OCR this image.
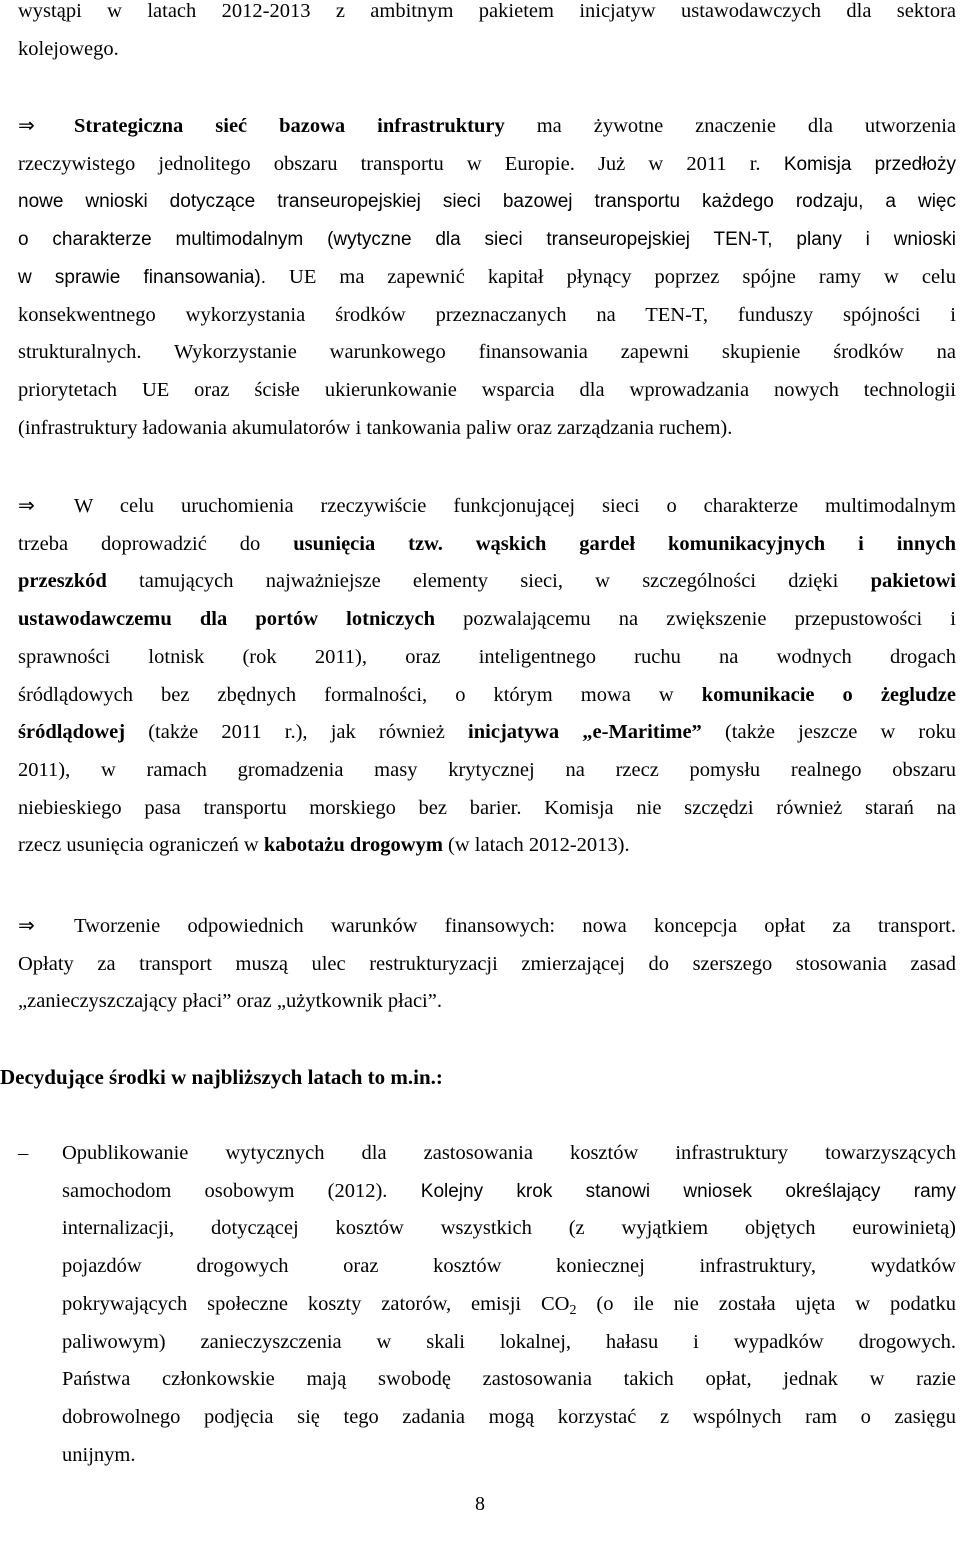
wystąpi w latach 2012-2013 z ambitnym pakietem inicjatyw ustawodawczych dla sektora
kolejowego.
⇒ Strategiczna sieć bazowa infrastruktury ma żywotne znaczenie dla utworzenia
rzeczywistego jednolitego obszaru transportu w Europie. Już w 2011 r. Komisja przedłoży
nowe wnioski dotyczące transeuropejskiej sieci bazowej transportu każdego rodzaju, a więc
o charakterze multimodalnym (wytyczne dla sieci transeuropejskiej TEN-T, plany i wnioski
w sprawie finansowania). UE ma zapewnić kapitał płynący poprzez spójne ramy w celu
konsekwentnego wykorzystania środków przeznaczanych na TEN-T, funduszy spójności i
strukturalnych. Wykorzystanie warunkowego finansowania zapewni skupienie środków na
priorytetach UE oraz ścisłe ukierunkowanie wsparcia dla wprowadzania nowych technologii
(infrastruktury ładowania akumulatorów i tankowania paliw oraz zarządzania ruchem).
⇒ W celu uruchomienia rzeczywiście funkcjonującej sieci o charakterze multimodalnym
trzeba doprowadzić do usunięcia tzw. wąskich gardeł komunikacyjnych i innych
przeszkód tamujących najważniejsze elementy sieci, w szczególności dzięki pakietowi
ustawodawczemu dla portów lotniczych pozwalającemu na zwiększenie przepustowości i
sprawności lotnisk (rok 2011), oraz inteligentnego ruchu na wodnych drogach
śródlądowych bez zbędnych formalności, o którym mowa w komunikacie o żegludze
śródlądowej (także 2011 r.), jak również inicjatywa „e-Maritime” (także jeszcze w roku
2011), w ramach gromadzenia masy krytycznej na rzecz pomysłu realnego obszaru
niebieskiego pasa transportu morskiego bez barier. Komisja nie szczędzi również starań na
rzecz usunięcia ograniczeń w kabotażu drogowym (w latach 2012-2013).
⇒ Tworzenie odpowiednich warunków finansowych: nowa koncepcja opłat za transport.
Opłaty za transport muszą ulec restrukturyzacji zmierzającej do szerszego stosowania zasad
„zanieczyszczający płaci” oraz „użytkownik płaci”.
Decydujące środki w najbliższych latach to m.in.:
–	Opublikowanie wytycznych dla zastosowania kosztów infrastruktury towarzyszących
samochodom osobowym (2012). Kolejny krok stanowi wniosek określający ramy
internalizacji, dotyczącej kosztów wszystkich (z wyjątkiem objętych eurowinietą)
pojazdów drogowych oraz kosztów koniecznej infrastruktury, wydatków
pokrywających społeczne koszty zatorów, emisji $CO_2$ (o ile nie została ujęta w podatku
paliwowym) zanieczyszczenia w skali lokalnej, hałasu i wypadków drogowych.
Państwa członkowskie mają swobodę zastosowania takich opłat, jednak w razie
dobrowolnego podjęcia się tego zadania mogą korzystać z wspólnych ram o zasięgu
unijnym.
8
